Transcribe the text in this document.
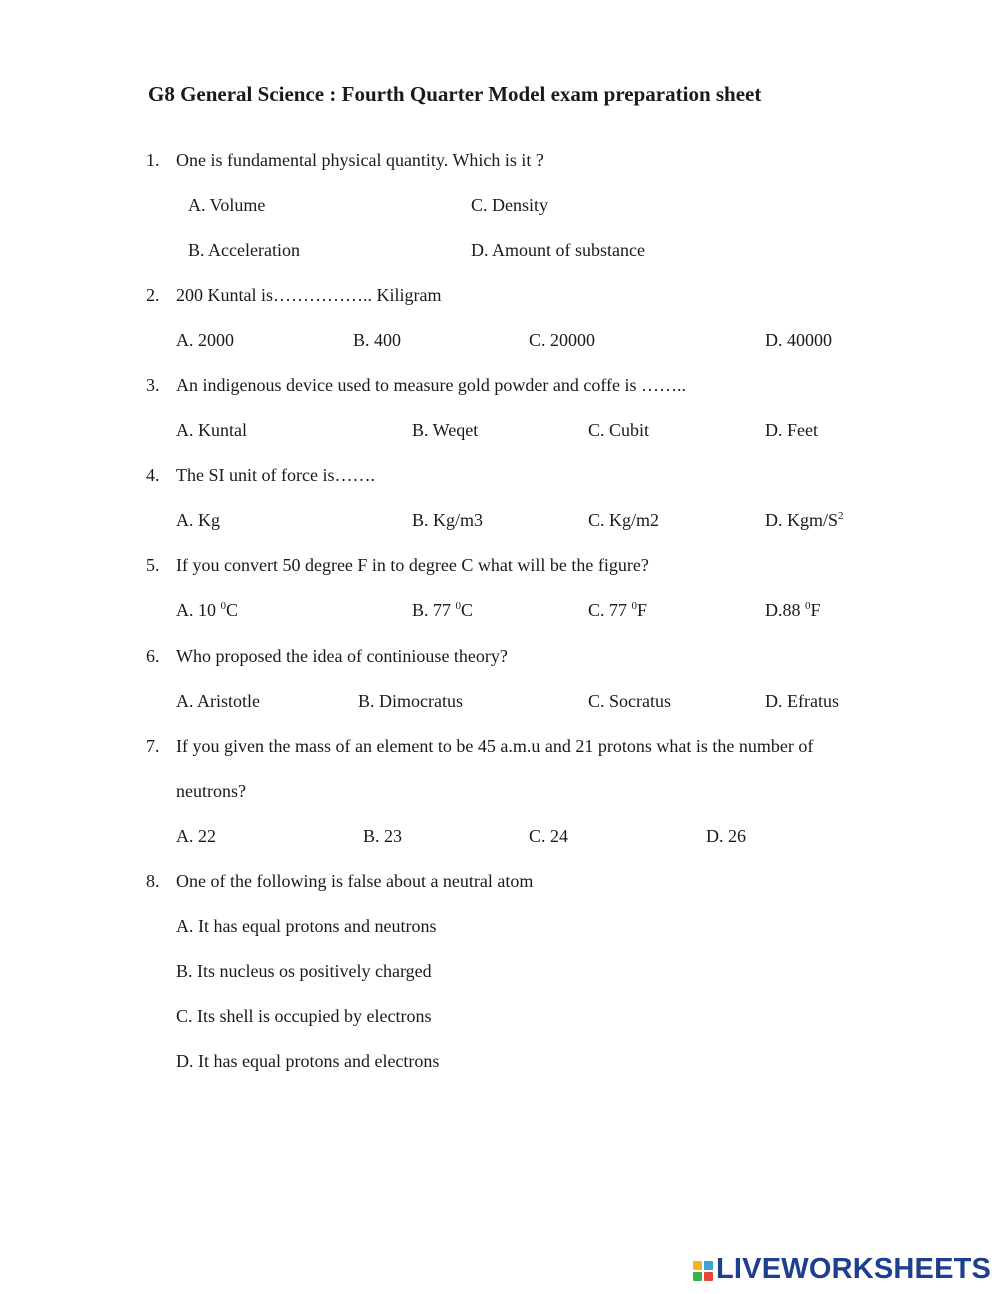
G8 General Science : Fourth Quarter Model exam preparation sheet
1. One is fundamental physical quantity. Which is it ?
A. Volume	C. Density
B. Acceleration	D. Amount of substance
2. 200 Kuntal is…………….. Kiligram
A. 2000	B. 400	C. 20000	D. 40000
3. An indigenous device used to measure gold powder and coffe is ……..
A. Kuntal	B. Weqet	C. Cubit	D. Feet
4. The SI unit of force is…….
A. Kg	B. Kg/m3	C. Kg/m2	D. Kgm/$S^2$
5. If you convert 50 degree F in to degree C what will be the figure?
A. 10 $^0$C	B. 77 $^0$C	C. 77 $^0$F	D.88 $^0$F
6. Who proposed the idea of continiouse theory?
A. Aristotle	B. Dimocratus	C. Socratus	D. Efratus
7. If you given the mass of an element to be 45 a.m.u and 21 protons what is the number of
neutrons?
A. 22	B. 23	C. 24	D. 26
8. One of the following is false about a neutral atom
A. It has equal protons and neutrons
B. Its nucleus os positively charged
C. Its shell is occupied by electrons
D. It has equal protons and electrons
LIVEWORKSHEETS
